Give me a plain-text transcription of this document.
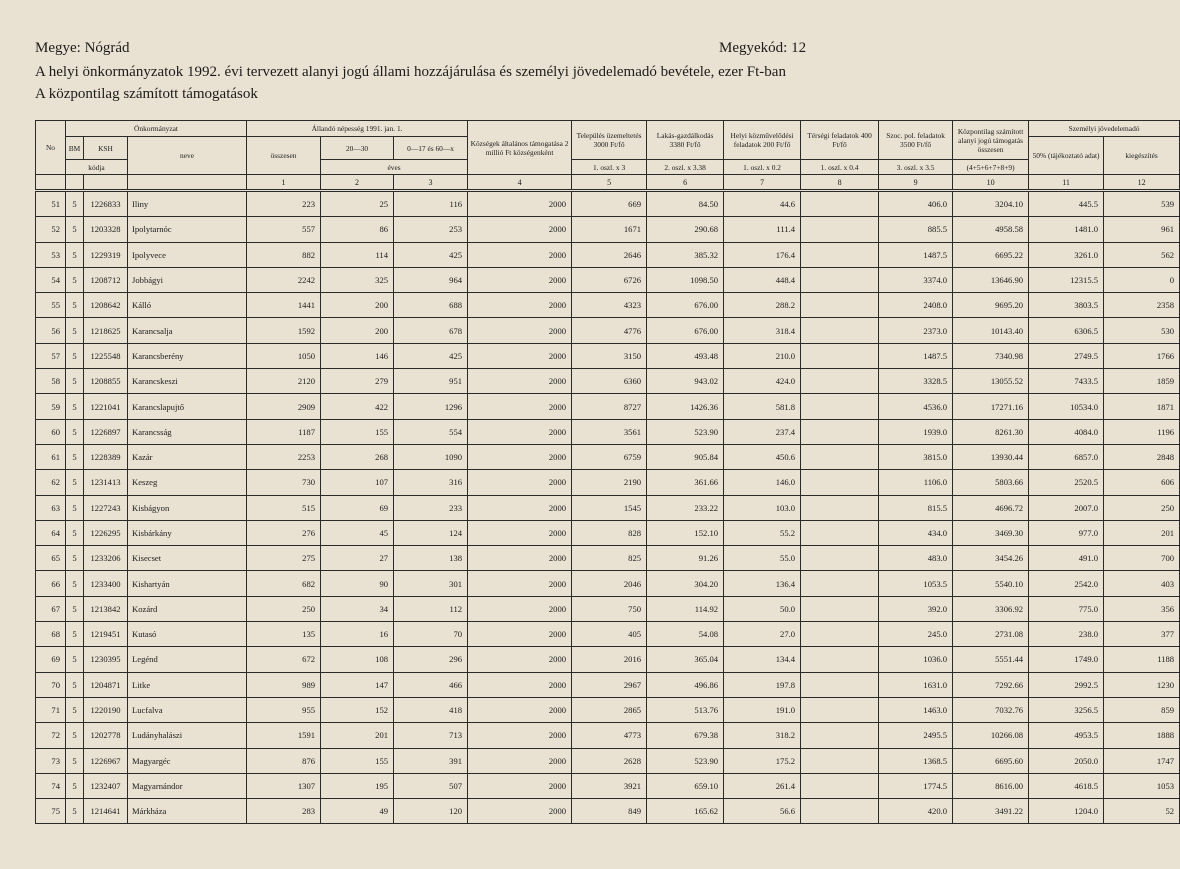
Megye: Nógrád	Megyekód: 12
A helyi önkormányzatok 1992. évi tervezett alanyi jogú állami hozzájárulása és személyi jövedelemadó bevétele, ezer Ft-ban
A központilag számított támogatások
No	Önkormányzat			Állandó népesség 1991. jan. 1.			Községek általános támogatása 2 millió Ft községenként	Település üzemeltetés 3000 Ft/fő	Lakás-gazdálkodás 3380 Ft/fő	Helyi közművelődési feladatok 200 Ft/fő	Térségi feladatok 400 Ft/fő	Szoc. pol. feladatok 3500 Ft/fő	Központilag számított alanyi jogú támogatás összesen	Személyi jövedelemadó	
	BM	KSH	neve	összesen	20—30	0—17 és 60—x								50% (tájékoztató adat)	kiegészítés
	kódja				éves			1. oszl. x 3	2. oszl. x 3.38	1. oszl. x 0.2	1. oszl. x 0.4	3. oszl. x 3.5	(4+5+6+7+8+9)		
				1	2	3	4	5	6	7	8	9	10	11	12
51	5	1226833	Iliny	223	25	116	2000	669	84.50	44.6		406.0	3204.10	445.5	539
52	5	1203328	Ipolytarnóc	557	86	253	2000	1671	290.68	111.4		885.5	4958.58	1481.0	961
53	5	1229319	Ipolyvece	882	114	425	2000	2646	385.32	176.4		1487.5	6695.22	3261.0	562
54	5	1208712	Jobbágyi	2242	325	964	2000	6726	1098.50	448.4		3374.0	13646.90	12315.5	0
55	5	1208642	Kálló	1441	200	688	2000	4323	676.00	288.2		2408.0	9695.20	3803.5	2358
56	5	1218625	Karancsalja	1592	200	678	2000	4776	676.00	318.4		2373.0	10143.40	6306.5	530
57	5	1225548	Karancsberény	1050	146	425	2000	3150	493.48	210.0		1487.5	7340.98	2749.5	1766
58	5	1208855	Karancskeszi	2120	279	951	2000	6360	943.02	424.0		3328.5	13055.52	7433.5	1859
59	5	1221041	Karancslapujtő	2909	422	1296	2000	8727	1426.36	581.8		4536.0	17271.16	10534.0	1871
60	5	1226897	Karancsság	1187	155	554	2000	3561	523.90	237.4		1939.0	8261.30	4084.0	1196
61	5	1228389	Kazár	2253	268	1090	2000	6759	905.84	450.6		3815.0	13930.44	6857.0	2848
62	5	1231413	Keszeg	730	107	316	2000	2190	361.66	146.0		1106.0	5803.66	2520.5	606
63	5	1227243	Kisbágyon	515	69	233	2000	1545	233.22	103.0		815.5	4696.72	2007.0	250
64	5	1226295	Kisbárkány	276	45	124	2000	828	152.10	55.2		434.0	3469.30	977.0	201
65	5	1233206	Kisecset	275	27	138	2000	825	91.26	55.0		483.0	3454.26	491.0	700
66	5	1233400	Kishartyán	682	90	301	2000	2046	304.20	136.4		1053.5	5540.10	2542.0	403
67	5	1213842	Kozárd	250	34	112	2000	750	114.92	50.0		392.0	3306.92	775.0	356
68	5	1219451	Kutasó	135	16	70	2000	405	54.08	27.0		245.0	2731.08	238.0	377
69	5	1230395	Legénd	672	108	296	2000	2016	365.04	134.4		1036.0	5551.44	1749.0	1188
70	5	1204871	Litke	989	147	466	2000	2967	496.86	197.8		1631.0	7292.66	2992.5	1230
71	5	1220190	Lucfalva	955	152	418	2000	2865	513.76	191.0		1463.0	7032.76	3256.5	859
72	5	1202778	Ludányhalászi	1591	201	713	2000	4773	679.38	318.2		2495.5	10266.08	4953.5	1888
73	5	1226967	Magyargéc	876	155	391	2000	2628	523.90	175.2		1368.5	6695.60	2050.0	1747
74	5	1232407	Magyarnándor	1307	195	507	2000	3921	659.10	261.4		1774.5	8616.00	4618.5	1053
75	5	1214641	Márkháza	283	49	120	2000	849	165.62	56.6		420.0	3491.22	1204.0	52
